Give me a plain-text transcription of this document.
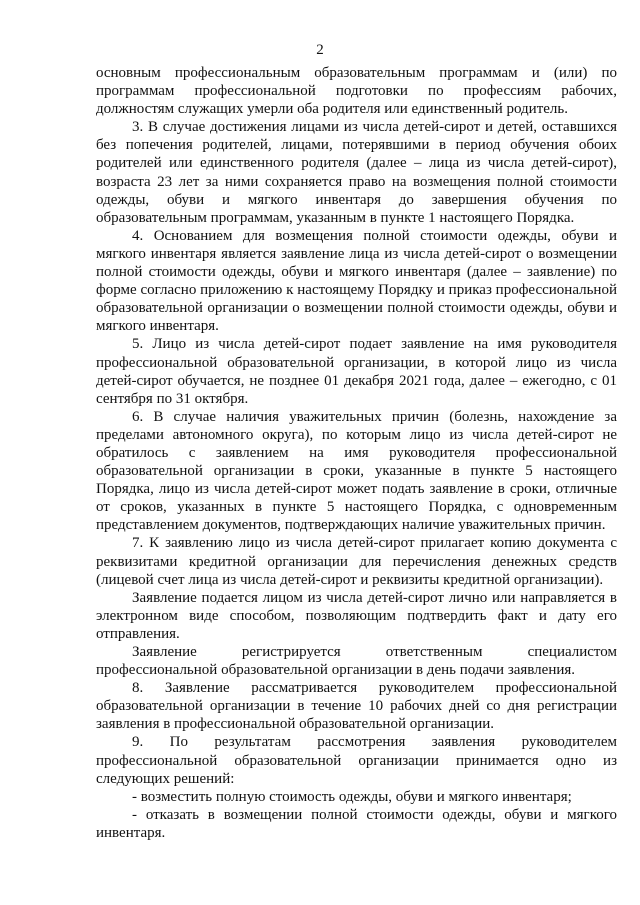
2

основным профессиональным образовательным программам и (или) по программам профессиональной подготовки по профессиям рабочих, должностям служащих умерли оба родителя или единственный родитель.

3. В случае достижения лицами из числа детей-сирот и детей, оставшихся без попечения родителей, лицами, потерявшими в период обучения обоих родителей или единственного родителя (далее – лица из числа детей-сирот), возраста 23 лет за ними сохраняется право на возмещения полной стоимости одежды, обуви и мягкого инвентаря до завершения обучения по образовательным программам, указанным в пункте 1 настоящего Порядка.

4. Основанием для возмещения полной стоимости одежды, обуви и мягкого инвентаря является заявление лица из числа детей-сирот о возмещении полной стоимости одежды, обуви и мягкого инвентаря (далее – заявление) по форме согласно приложению к настоящему Порядку и приказ профессиональной образовательной организации о возмещении полной стоимости одежды, обуви и мягкого инвентаря.

5. Лицо из числа детей-сирот подает заявление на имя руководителя профессиональной образовательной организации, в которой лицо из числа детей-сирот обучается, не позднее 01 декабря 2021 года, далее – ежегодно, с 01 сентября по 31 октября.

6. В случае наличия уважительных причин (болезнь, нахождение за пределами автономного округа), по которым лицо из числа детей-сирот не обратилось с заявлением на имя руководителя профессиональной образовательной организации в сроки, указанные в пункте 5 настоящего Порядка, лицо из числа детей-сирот может подать заявление в сроки, отличные от сроков, указанных в пункте 5 настоящего Порядка, с одновременным представлением документов, подтверждающих наличие уважительных причин.

7. К заявлению лицо из числа детей-сирот прилагает копию документа с реквизитами кредитной организации для перечисления денежных средств (лицевой счет лица из числа детей-сирот и реквизиты кредитной организации).

Заявление подается лицом из числа детей-сирот лично или направляется в электронном виде способом, позволяющим подтвердить факт и дату его отправления.

Заявление регистрируется ответственным специалистом профессиональной образовательной организации в день подачи заявления.

8. Заявление рассматривается руководителем профессиональной образовательной организации в течение 10 рабочих дней со дня регистрации заявления в профессиональной образовательной организации.

9. По результатам рассмотрения заявления руководителем профессиональной образовательной организации принимается одно из следующих решений:

- возместить полную стоимость одежды, обуви и мягкого инвентаря;

- отказать в возмещении полной стоимости одежды, обуви и мягкого инвентаря.
